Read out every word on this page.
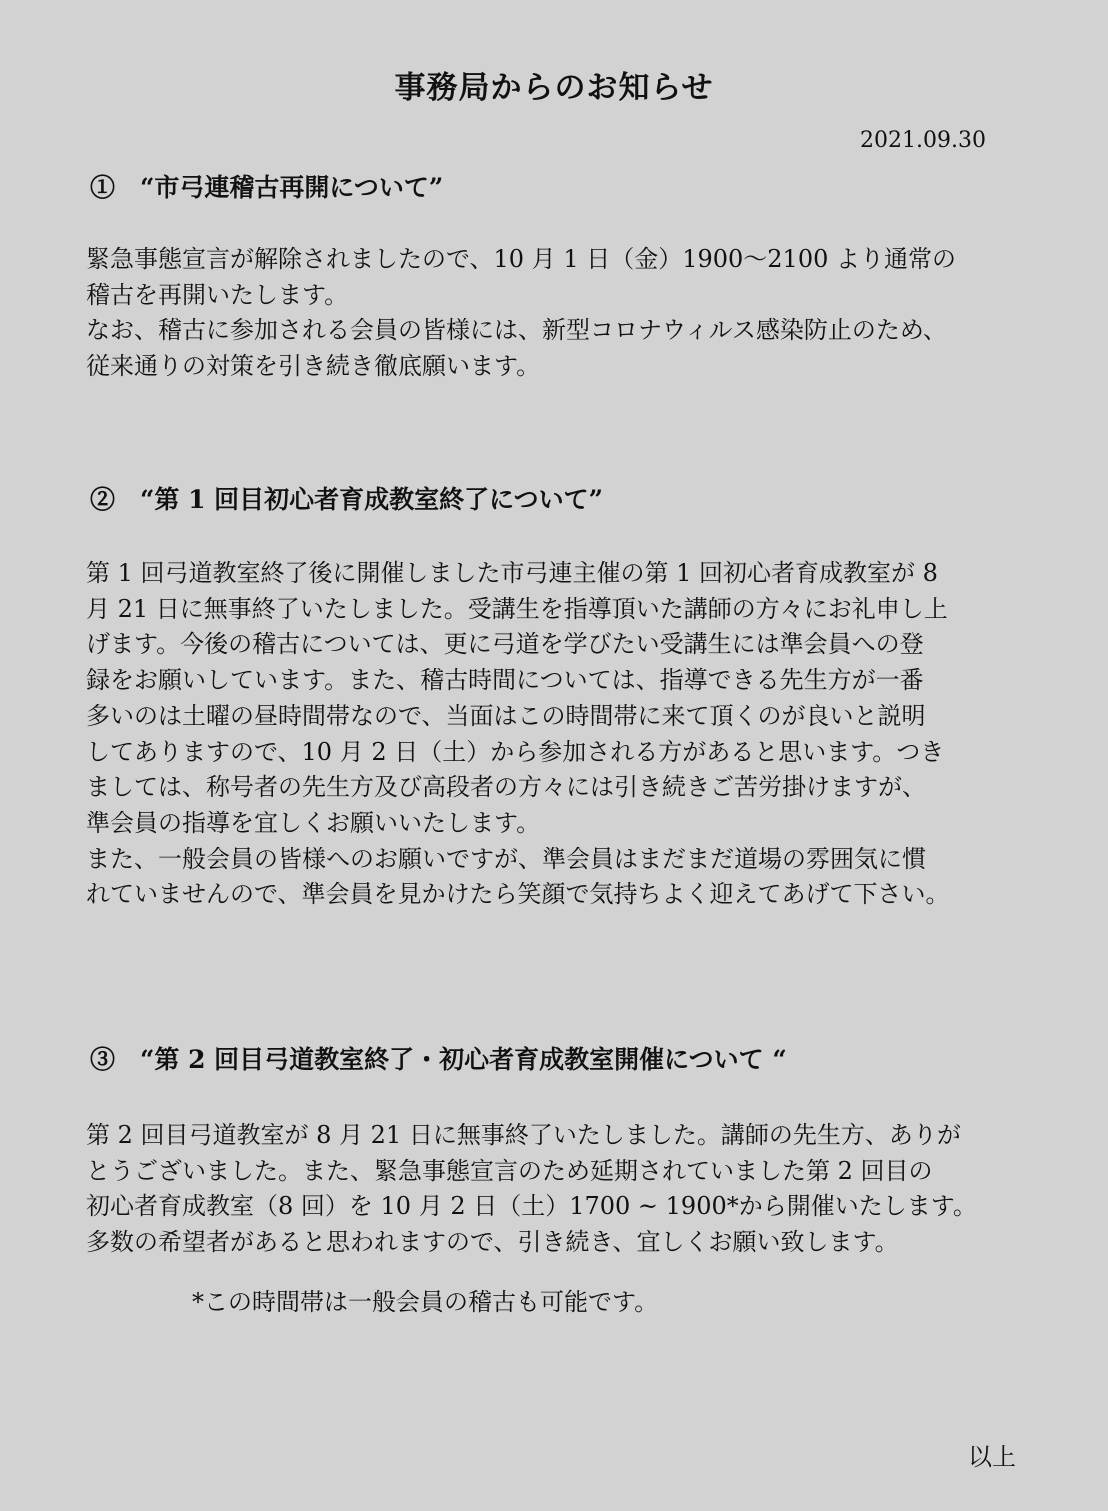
事務局からのお知らせ
2021.09.30
①　“市弓連稽古再開について”
緊急事態宣言が解除されましたので、10 月 1 日（金）1900～2100 より通常の
稽古を再開いたします。
なお、稽古に参加される会員の皆様には、新型コロナウィルス感染防止のため、
従来通りの対策を引き続き徹底願います。
②　“第 1 回目初心者育成教室終了について”
第 1 回弓道教室終了後に開催しました市弓連主催の第 1 回初心者育成教室が 8
月 21 日に無事終了いたしました。受講生を指導頂いた講師の方々にお礼申し上
げます。今後の稽古については、更に弓道を学びたい受講生には準会員への登
録をお願いしています。また、稽古時間については、指導できる先生方が一番
多いのは土曜の昼時間帯なので、当面はこの時間帯に来て頂くのが良いと説明
してありますので、10 月 2 日（土）から参加される方があると思います。つき
ましては、称号者の先生方及び高段者の方々には引き続きご苦労掛けますが、
準会員の指導を宜しくお願いいたします。
また、一般会員の皆様へのお願いですが、準会員はまだまだ道場の雰囲気に慣
れていませんので、準会員を見かけたら笑顔で気持ちよく迎えてあげて下さい。
③　“第 2 回目弓道教室終了・初心者育成教室開催について “
第 2 回目弓道教室が 8 月 21 日に無事終了いたしました。講師の先生方、ありが
とうございました。また、緊急事態宣言のため延期されていました第 2 回目の
初心者育成教室（8 回）を 10 月 2 日（土）1700 ~ 1900*から開催いたします。
多数の希望者があると思われますので、引き続き、宜しくお願い致します。
*この時間帯は一般会員の稽古も可能です。
以上
